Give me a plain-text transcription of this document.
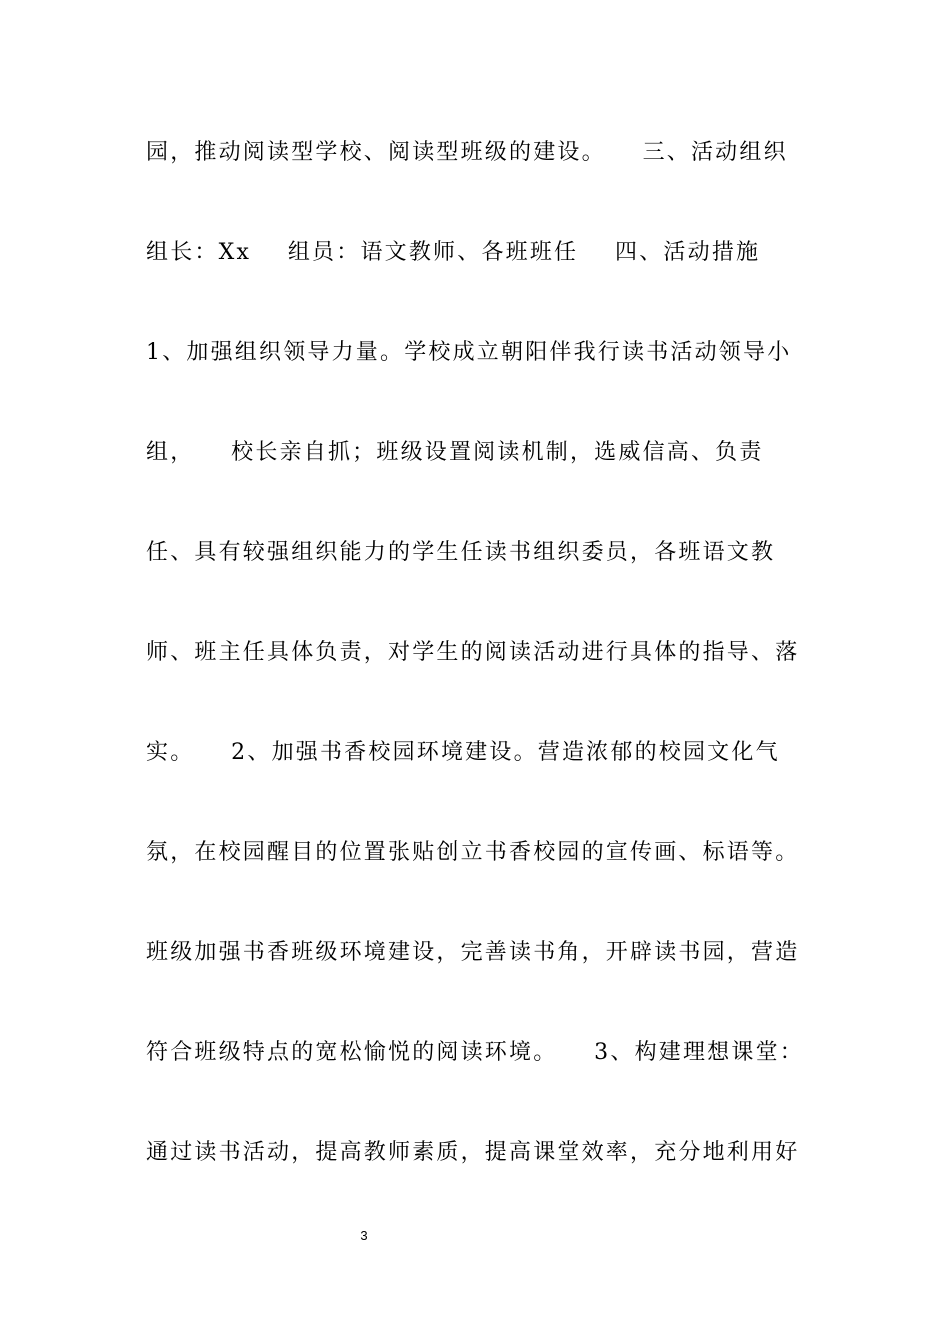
园，推动阅读型学校、阅读型班级的建设。    三、活动组织
组长：Xx    组员：语文教师、各班班任    四、活动措施
1、加强组织领导力量。学校成立朝阳伴我行读书活动领导小
组，    校长亲自抓；班级设置阅读机制，选威信高、负责
任、具有较强组织能力的学生任读书组织委员，各班语文教
师、班主任具体负责，对学生的阅读活动进行具体的指导、落
实。    2、加强书香校园环境建设。营造浓郁的校园文化气
氛，在校园醒目的位置张贴创立书香校园的宣传画、标语等。
班级加强书香班级环境建设，完善读书角，开辟读书园，营造
符合班级特点的宽松愉悦的阅读环境。    3、构建理想课堂：
通过读书活动，提高教师素质，提高课堂效率，充分地利用好
3
